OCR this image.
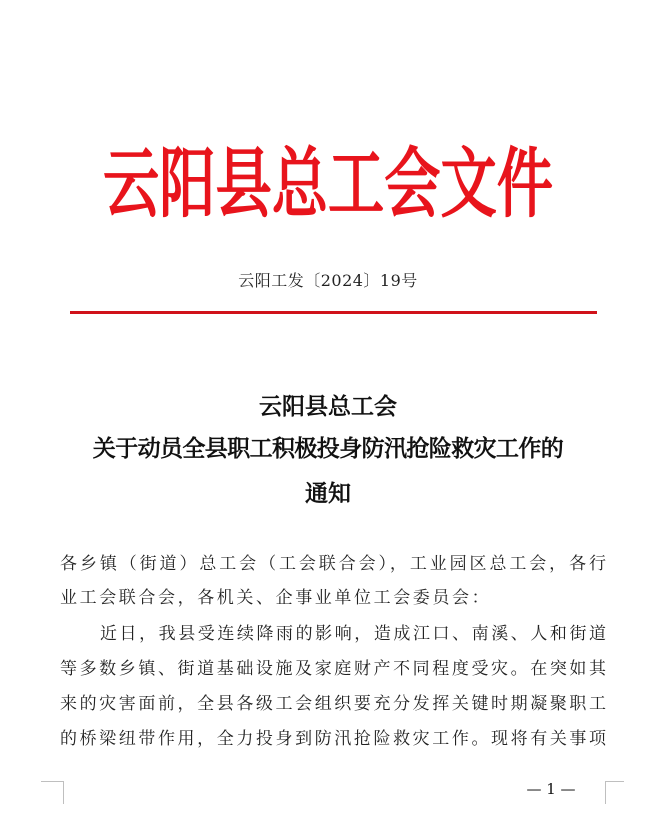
云阳县总工会文件
云阳工发〔2024〕19号
云阳县总工会
关于动员全县职工积极投身防汛抢险救灾工作的
通知
各乡镇（街道）总工会（工会联合会），工业园区总工会，各行
业工会联合会，各机关、企事业单位工会委员会：
近日，我县受连续降雨的影响，造成江口、南溪、人和街道
等多数乡镇、街道基础设施及家庭财产不同程度受灾。在突如其
来的灾害面前，全县各级工会组织要充分发挥关键时期凝聚职工
的桥梁纽带作用，全力投身到防汛抢险救灾工作。现将有关事项
— 1 —
